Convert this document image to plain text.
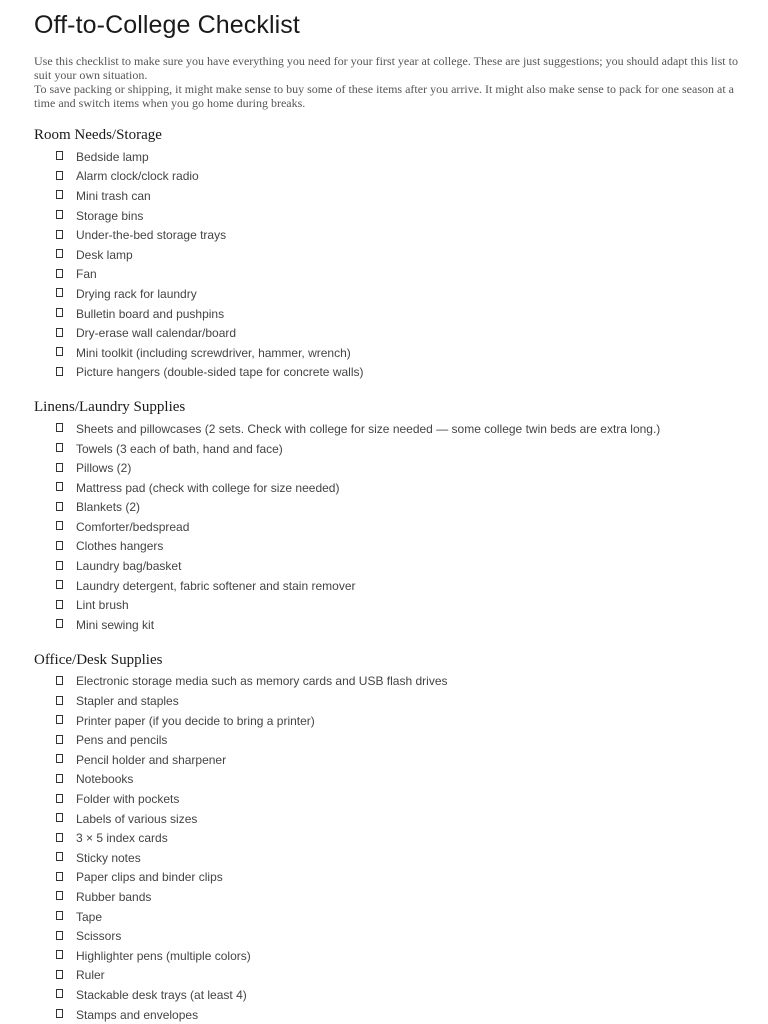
Off-to-College Checklist

Use this checklist to make sure you have everything you need for your first year at college. These are just suggestions; you should adapt this list to suit your own situation.

To save packing or shipping, it might make sense to buy some of these items after you arrive. It might also make sense to pack for one season at a time and switch items when you go home during breaks.

Room Needs/Storage
Bedside lamp
Alarm clock/clock radio
Mini trash can
Storage bins
Under-the-bed storage trays
Desk lamp
Fan
Drying rack for laundry
Bulletin board and pushpins
Dry-erase wall calendar/board
Mini toolkit (including screwdriver, hammer, wrench)
Picture hangers (double-sided tape for concrete walls)
Linens/Laundry Supplies
Sheets and pillowcases (2 sets. Check with college for size needed — some college twin beds are extra long.)
Towels (3 each of bath, hand and face)
Pillows (2)
Mattress pad (check with college for size needed)
Blankets (2)
Comforter/bedspread
Clothes hangers
Laundry bag/basket
Laundry detergent, fabric softener and stain remover
Lint brush
Mini sewing kit
Office/Desk Supplies
Electronic storage media such as memory cards and USB flash drives
Stapler and staples
Printer paper (if you decide to bring a printer)
Pens and pencils
Pencil holder and sharpener
Notebooks
Folder with pockets
Labels of various sizes
3 × 5 index cards
Sticky notes
Paper clips and binder clips
Rubber bands
Tape
Scissors
Highlighter pens (multiple colors)
Ruler
Stackable desk trays (at least 4)
Stamps and envelopes
